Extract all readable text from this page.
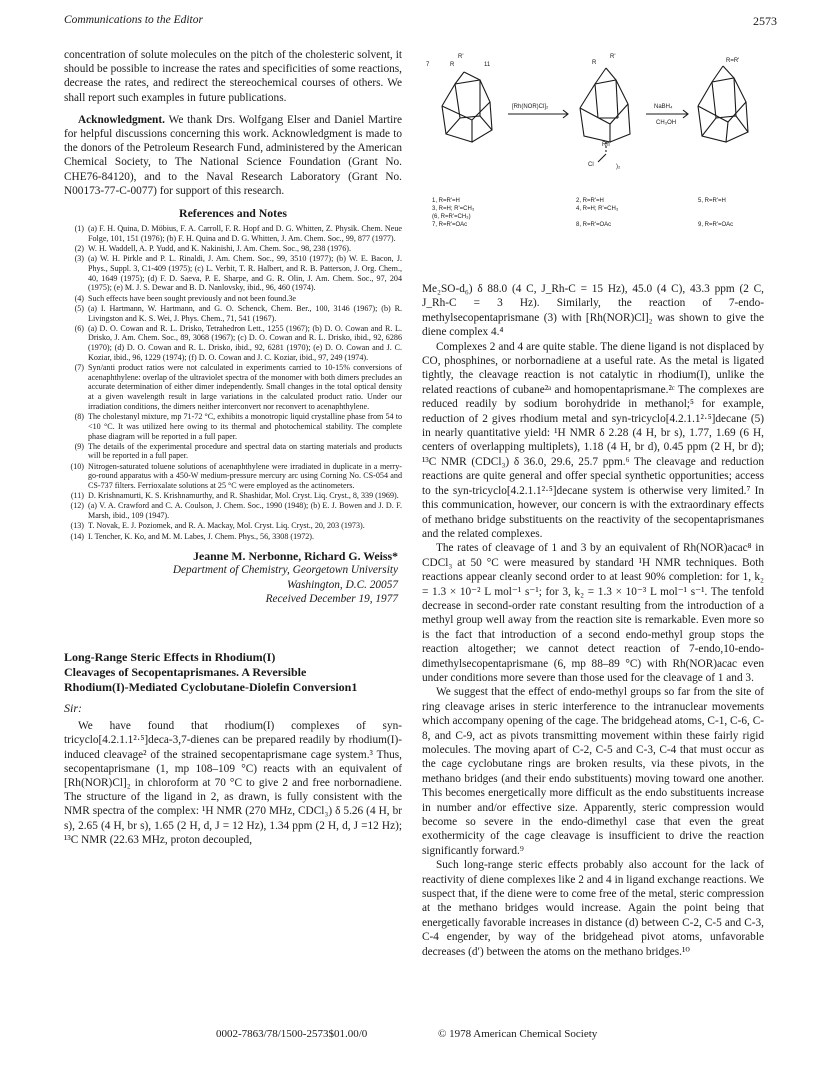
Communications to the Editor	2573

concentration of solute molecules on the pitch of the cholesteric solvent, it should be possible to increase the rates and specificities of some reactions, decrease the rates, and redirect the stereochemical courses of others. We shall report such examples in future publications.

Acknowledgment. We thank Drs. Wolfgang Elser and Daniel Martire for helpful discussions concerning this work. Acknowledgment is made to the donors of the Petroleum Research Fund, administered by the American Chemical Society, to The National Science Foundation (Grant No. CHE76-84120), and to the Naval Research Laboratory (Grant No. N00173-77-C-0077) for support of this research.

References and Notes
(1) (a) F. H. Quina, D. Möbius, F. A. Carroll, F. R. Hopf and D. G. Whitten, Z. Physik. Chem. Neue Folge, 101, 151 (1976); (b) F. H. Quina and D. G. Whitten, J. Am. Chem. Soc., 99, 877 (1977).
(2) W. H. Waddell, A. P. Yudd, and K. Nakinishi, J. Am. Chem. Soc., 98, 238 (1976).
(3) (a) W. H. Pirkle and P. L. Rinaldi, J. Am. Chem. Soc., 99, 3510 (1977); (b) W. E. Bacon, J. Phys., Suppl. 3, C1-409 (1975); (c) L. Verbit, T. R. Halbert, and R. B. Patterson, J. Org. Chem., 40, 1649 (1975); (d) F. D. Saeva, P. E. Sharpe, and G. R. Olin, J. Am. Chem. Soc., 97, 204 (1975); (e) M. J. S. Dewar and B. D. Nanlovsky, ibid., 96, 460 (1974).
(4) Such effects have been sought previously and not been found.3e
(5) (a) I. Hartmann, W. Hartmann, and G. O. Schenck, Chem. Ber., 100, 3146 (1967); (b) R. Livingston and K. S. Wei, J. Phys. Chem., 71, 541 (1967).
(6) (a) D. O. Cowan and R. L. Drisko, Tetrahedron Lett., 1255 (1967); (b) D. O. Cowan and R. L. Drisko, J. Am. Chem. Soc., 89, 3068 (1967); (c) D. O. Cowan and R. L. Drisko, ibid., 92, 6286 (1970); (d) D. O. Cowan and R. L. Drisko, ibid., 92, 6281 (1970); (e) D. O. Cowan and J. C. Koziar, ibid., 96, 1229 (1974); (f) D. O. Cowan and J. C. Koziar, ibid., 97, 249 (1974).
(7) Syn/anti product ratios were not calculated in experiments carried to 10-15% conversions of acenaphthylene: overlap of the ultraviolet spectra of the monomer with both dimers precludes an accurate determination of either dimer independently. Small changes in the total optical density at a given wavelength result in large variations in the calculated product ratio. Under our irradiation conditions, the dimers neither interconvert nor reconvert to acenaphthylene.
(8) The cholestanyl mixture, mp 71-72 °C, exhibits a monotropic liquid crystalline phase from 54 to <10 °C. It was utilized here owing to its thermal and photochemical stability. The complete phase diagram will be reported in a full paper.
(9) The details of the experimental procedure and spectral data on starting materials and products will be reported in a full paper.
(10) Nitrogen-saturated toluene solutions of acenaphthylene were irradiated in duplicate in a merry-go-round apparatus with a 450-W medium-pressure mercury arc using Corning No. CS-054 and CS-737 filters. Ferrioxalate solutions at 25 °C were employed as the actinometers.
(11) D. Krishnamurti, K. S. Krishnamurthy, and R. Shashidar, Mol. Cryst. Liq. Cryst., 8, 339 (1969).
(12) (a) V. A. Crawford and C. A. Coulson, J. Chem. Soc., 1990 (1948); (b) E. J. Bowen and J. D. F. Marsh, ibid., 109 (1947).
(13) T. Novak, E. J. Poziomek, and R. A. Mackay, Mol. Cryst. Liq. Cryst., 20, 203 (1973).
(14) I. Tencher, K. Ko, and M. M. Labes, J. Chem. Phys., 56, 3308 (1972).
Jeanne M. Nerbonne, Richard G. Weiss*
Department of Chemistry, Georgetown University
Washington, D.C. 20057
Received December 19, 1977
Long-Range Steric Effects in Rhodium(I)
Cleavages of Secopentaprismanes. A Reversible
Rhodium(I)-Mediated Cyclobutane-Diolefin Conversion1
Sir:

We have found that rhodium(I) complexes of syn-tricyclo[4.2.1.1²·⁵]deca-3,7-dienes can be prepared readily by rhodium(I)-induced cleavage² of the strained secopentaprismane cage system.³ Thus, secopentaprismane (1, mp 108–109 °C) reacts with an equivalent of [Rh(NOR)Cl]₂ in chloroform at 70 °C to give 2 and free norbornadiene. The structure of the ligand in 2, as drawn, is fully consistent with the NMR spectra of the complex: ¹H NMR (270 MHz, CDCl₃) δ 5.26 (4 H, br s), 2.65 (4 H, br s), 1.65 (2 H, d, J = 12 Hz), 1.34 ppm (2 H, d, J =12 Hz); ¹³C NMR (22.63 MHz, proton decoupled,

R
R'
11
7
[Rh(NOR)Cl]₂
R
R'
Rh
Cl	)₂
NaBH₄
CH₃OH
R=R'
1, R=R'=H
3, R=H; R'=CH₃
(6, R=R'=CH₃)
7, R=R'=OAc
2, R=R'=H
4, R=H; R'=CH₃
8, R=R'=OAc
5, R=R'=H
9, R=R'=OAc

Me₂SO-d₆) δ 88.0 (4 C, J_Rh-C = 15 Hz), 45.0 (4 C), 43.3 ppm (2 C, J_Rh-C = 3 Hz). Similarly, the reaction of 7-endo-methylsecopentaprismane (3) with [Rh(NOR)Cl]₂ was shown to give the diene complex 4.⁴

Complexes 2 and 4 are quite stable. The diene ligand is not displaced by CO, phosphines, or norbornadiene at a useful rate. As the metal is ligated tightly, the cleavage reaction is not catalytic in rhodium(I), unlike the related reactions of cubane²ᵃ and homopentaprismane.²ᶜ The complexes are reduced readily by sodium borohydride in methanol;⁵ for example, reduction of 2 gives rhodium metal and syn-tricyclo[4.2.1.1²·⁵]decane (5) in nearly quantitative yield: ¹H NMR δ 2.28 (4 H, br s), 1.77, 1.69 (6 H, centers of overlapping multiplets), 1.18 (4 H, br d), 0.45 ppm (2 H, br d); ¹³C NMR (CDCl₃) δ 36.0, 29.6, 25.7 ppm.⁶ The cleavage and reduction reactions are quite general and offer special synthetic opportunities; access to the syn-tricyclo[4.2.1.1²·⁵]decane system is otherwise very limited.⁷ In this communication, however, our concern is with the extraordinary effects of methano bridge substituents on the reactivity of the secopentaprismanes and the related complexes.

The rates of cleavage of 1 and 3 by an equivalent of Rh(NOR)acac⁸ in CDCl₃ at 50 °C were measured by standard ¹H NMR techniques. Both reactions appear cleanly second order to at least 90% completion: for 1, k₂ = 1.3 × 10⁻² L mol⁻¹ s⁻¹; for 3, k₂ = 1.3 × 10⁻³ L mol⁻¹ s⁻¹. The tenfold decrease in second-order rate constant resulting from the introduction of a methyl group well away from the reaction site is remarkable. Even more so is the fact that introduction of a second endo-methyl group stops the reaction altogether; we cannot detect reaction of 7-endo,10-endo-dimethylsecopentaprismane (6, mp 88–89 °C) with Rh(NOR)acac even under conditions more severe than those used for the cleavage of 1 and 3.

We suggest that the effect of endo-methyl groups so far from the site of ring cleavage arises in steric interference to the intranuclear movements which accompany opening of the cage. The bridgehead atoms, C-1, C-6, C-8, and C-9, act as pivots transmitting movement within these fairly rigid molecules. The moving apart of C-2, C-5 and C-3, C-4 that must occur as the cage cyclobutane rings are broken results, via these pivots, in the methano bridges (and their endo substituents) moving toward one another. This becomes energetically more difficult as the endo substituents increase in number and/or effective size. Apparently, steric compression would become so severe in the endo-dimethyl case that even the great exothermicity of the cage cleavage is insufficient to drive the reaction significantly forward.⁹

Such long-range steric effects probably also account for the lack of reactivity of diene complexes like 2 and 4 in ligand exchange reactions. We suspect that, if the diene were to come free of the metal, steric compression at the methano bridges would increase. Again the point being that energetically favorable increases in distance (d) between C-2, C-5 and C-3, C-4 engender, by way of the bridgehead pivot atoms, unfavorable decreases (d′) between the atoms on the methano bridges.¹⁰

0002-7863/78/1500-2573$01.00/0	© 1978 American Chemical Society
